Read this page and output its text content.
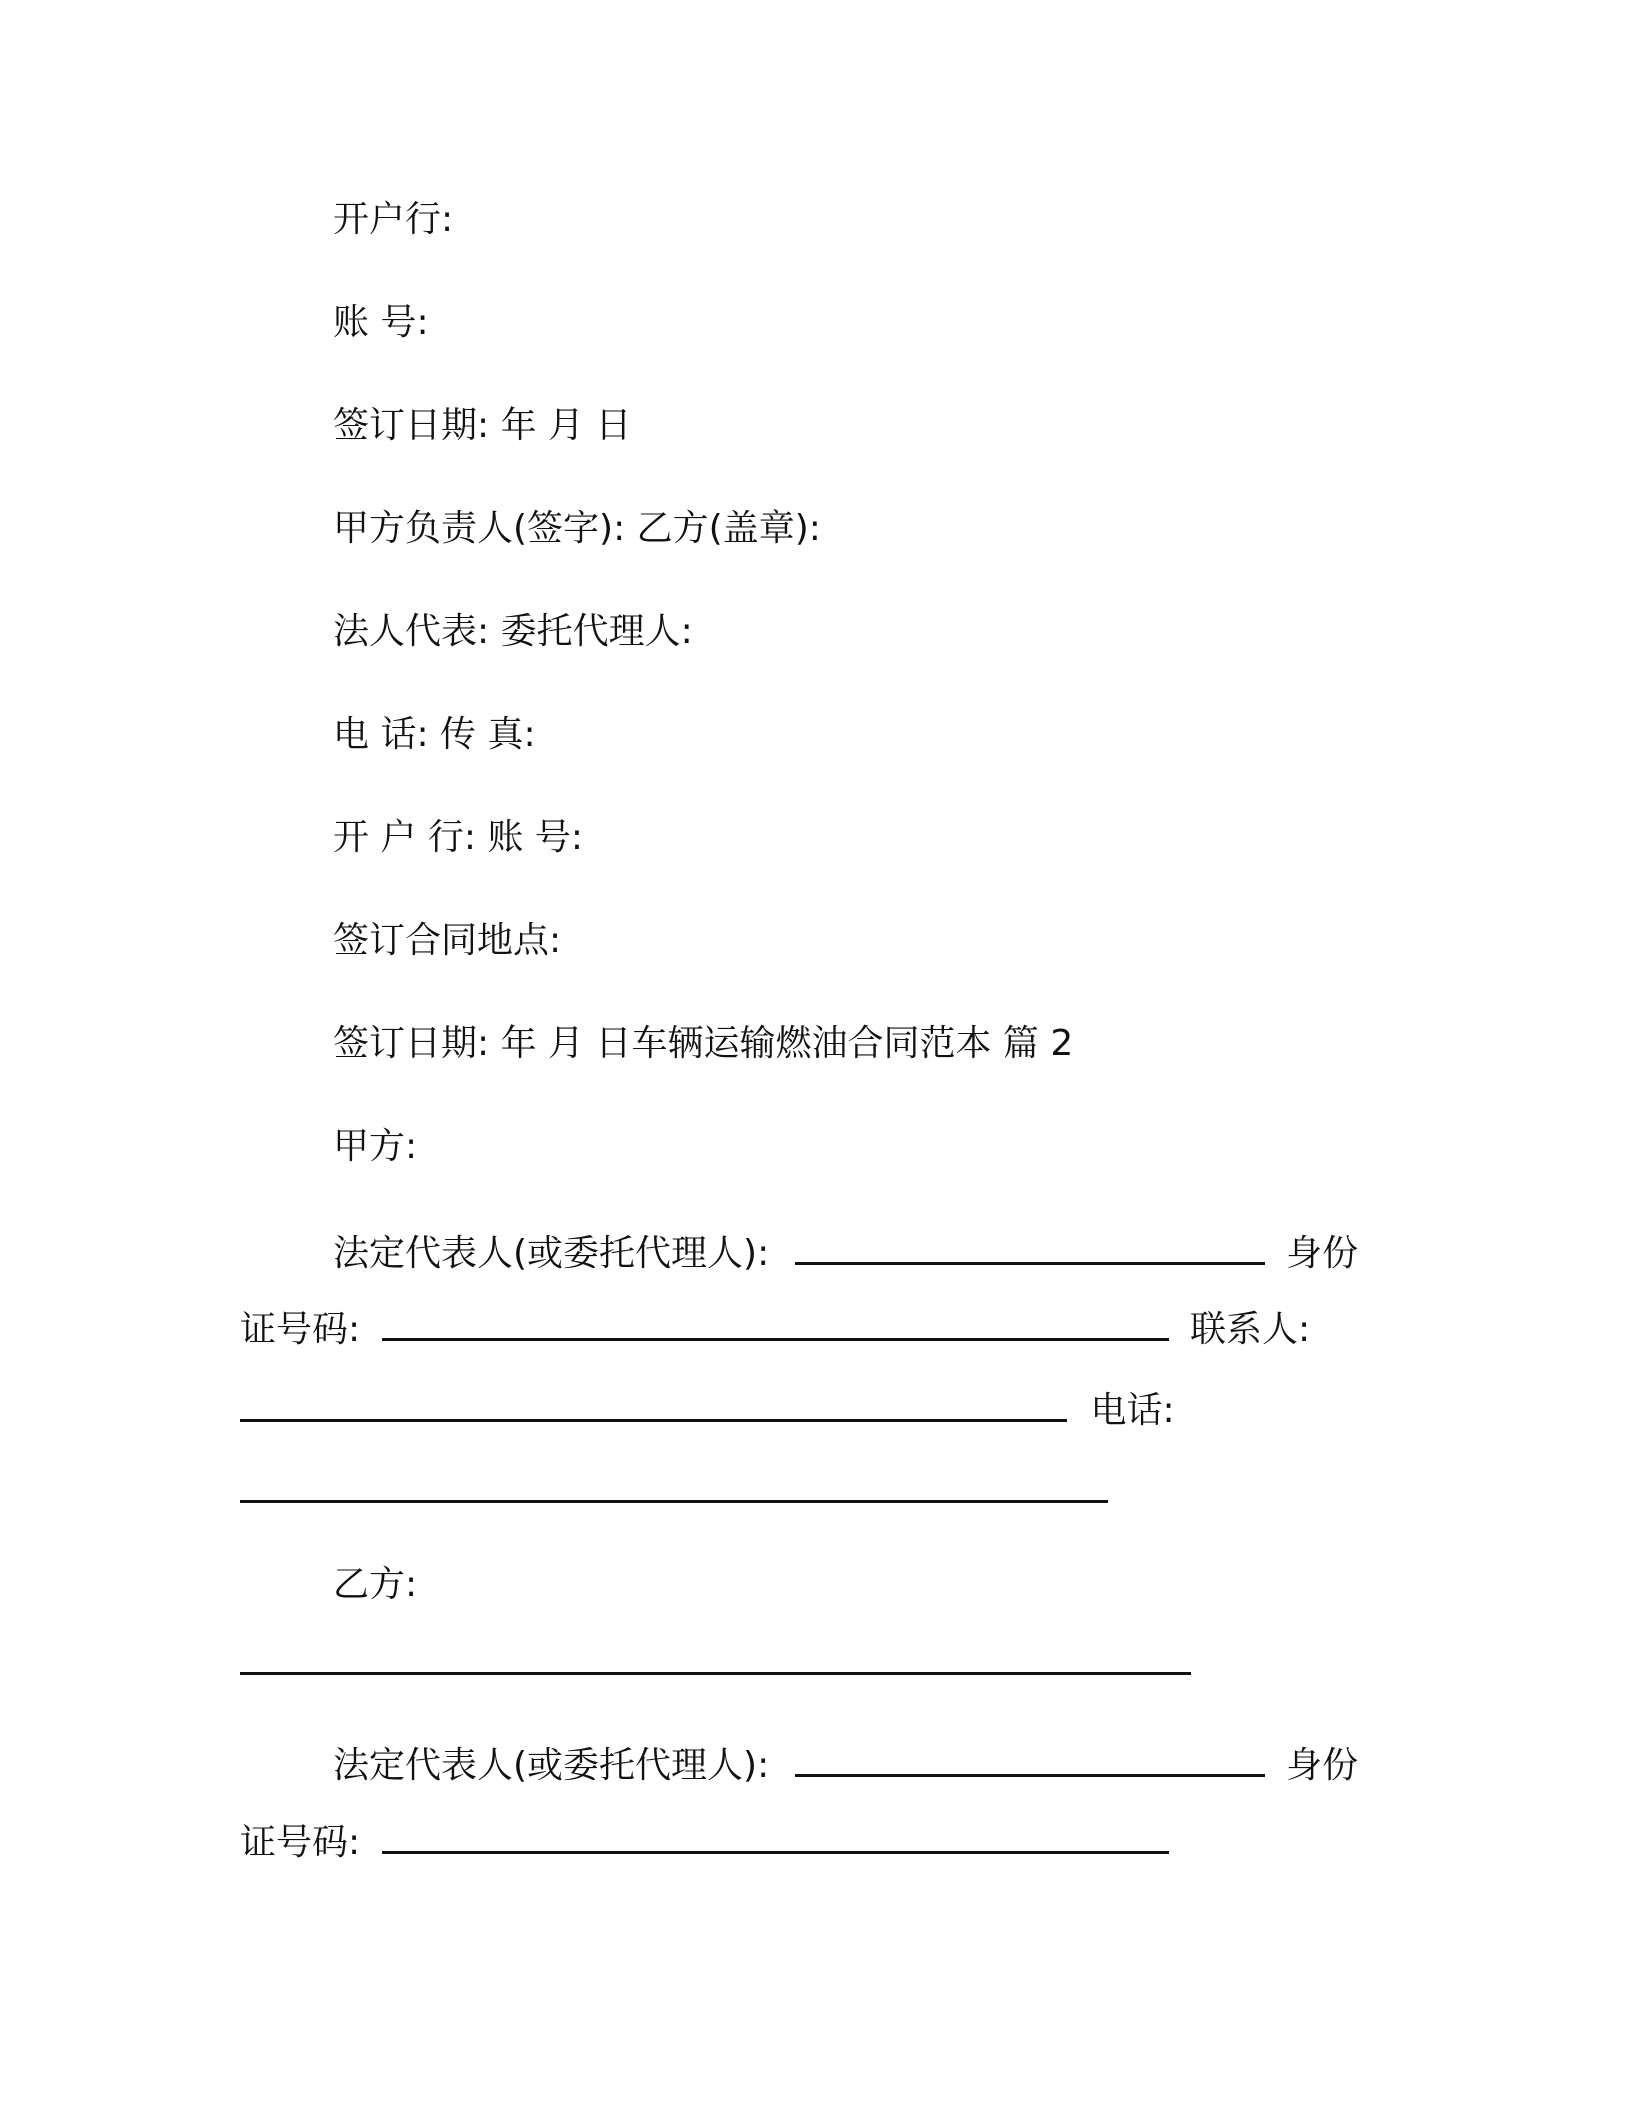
开户行:
账 号:
签订日期: 年 月 日
甲方负责人(签字): 乙方(盖章):
法人代表: 委托代理人:
电 话: 传 真:
开 户 行: 账 号:
签订合同地点:
签订日期: 年 月 日车辆运输燃油合同范本 篇 2
甲方:
法定代表人(或委托代理人):	身份
证号码:	联系人:
电话:
乙方:
法定代表人(或委托代理人):	身份
证号码:
